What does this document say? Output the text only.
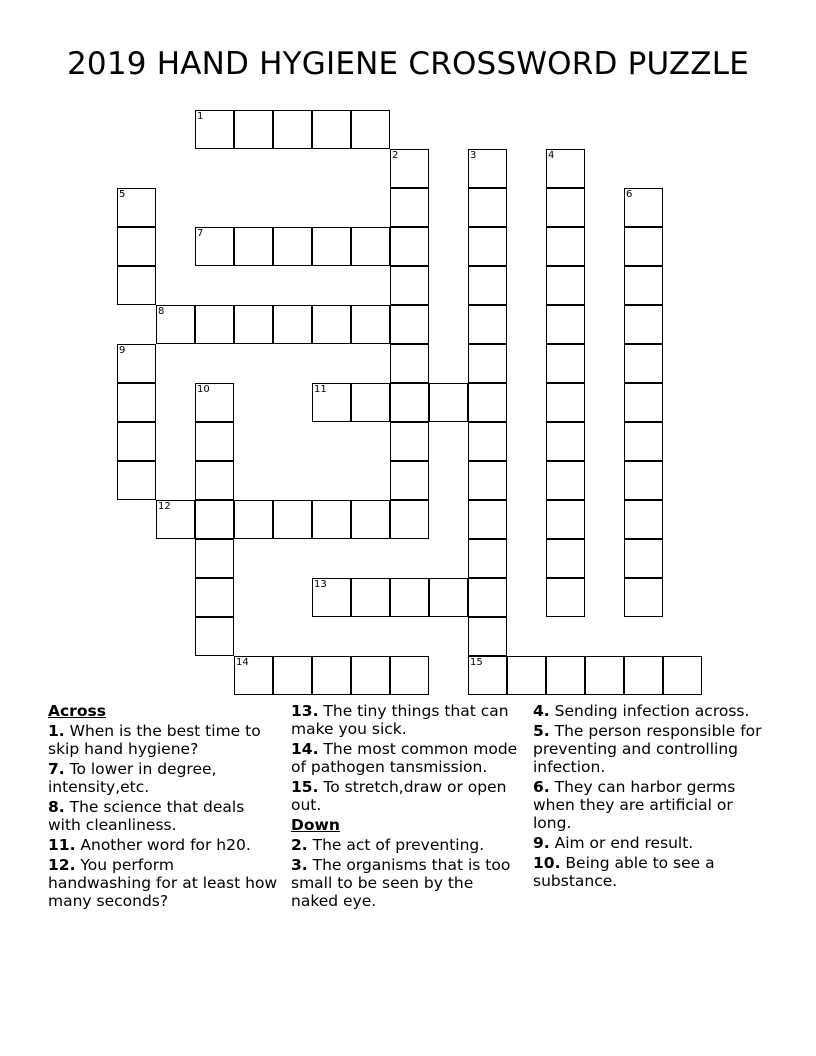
2019 HAND HYGIENE CROSSWORD PUZZLE
1
2	3	4
5	6
7
8
9
10	11
12
13
14	15
Across
1. When is the best time to skip hand hygiene?
7. To lower in degree, intensity,etc.
8. The science that deals with cleanliness.
11. Another word for h20.
12. You perform handwashing for at least how many seconds?
13. The tiny things that can make you sick.
14. The most common mode of pathogen tansmission.
15. To stretch,draw or open out.
Down
2. The act of preventing.
3. The organisms that is too small to be seen by the naked eye.
4. Sending infection across.
5. The person responsible for preventing and controlling infection.
6. They can harbor germs when they are artificial or long.
9. Aim or end result.
10. Being able to see a substance.
